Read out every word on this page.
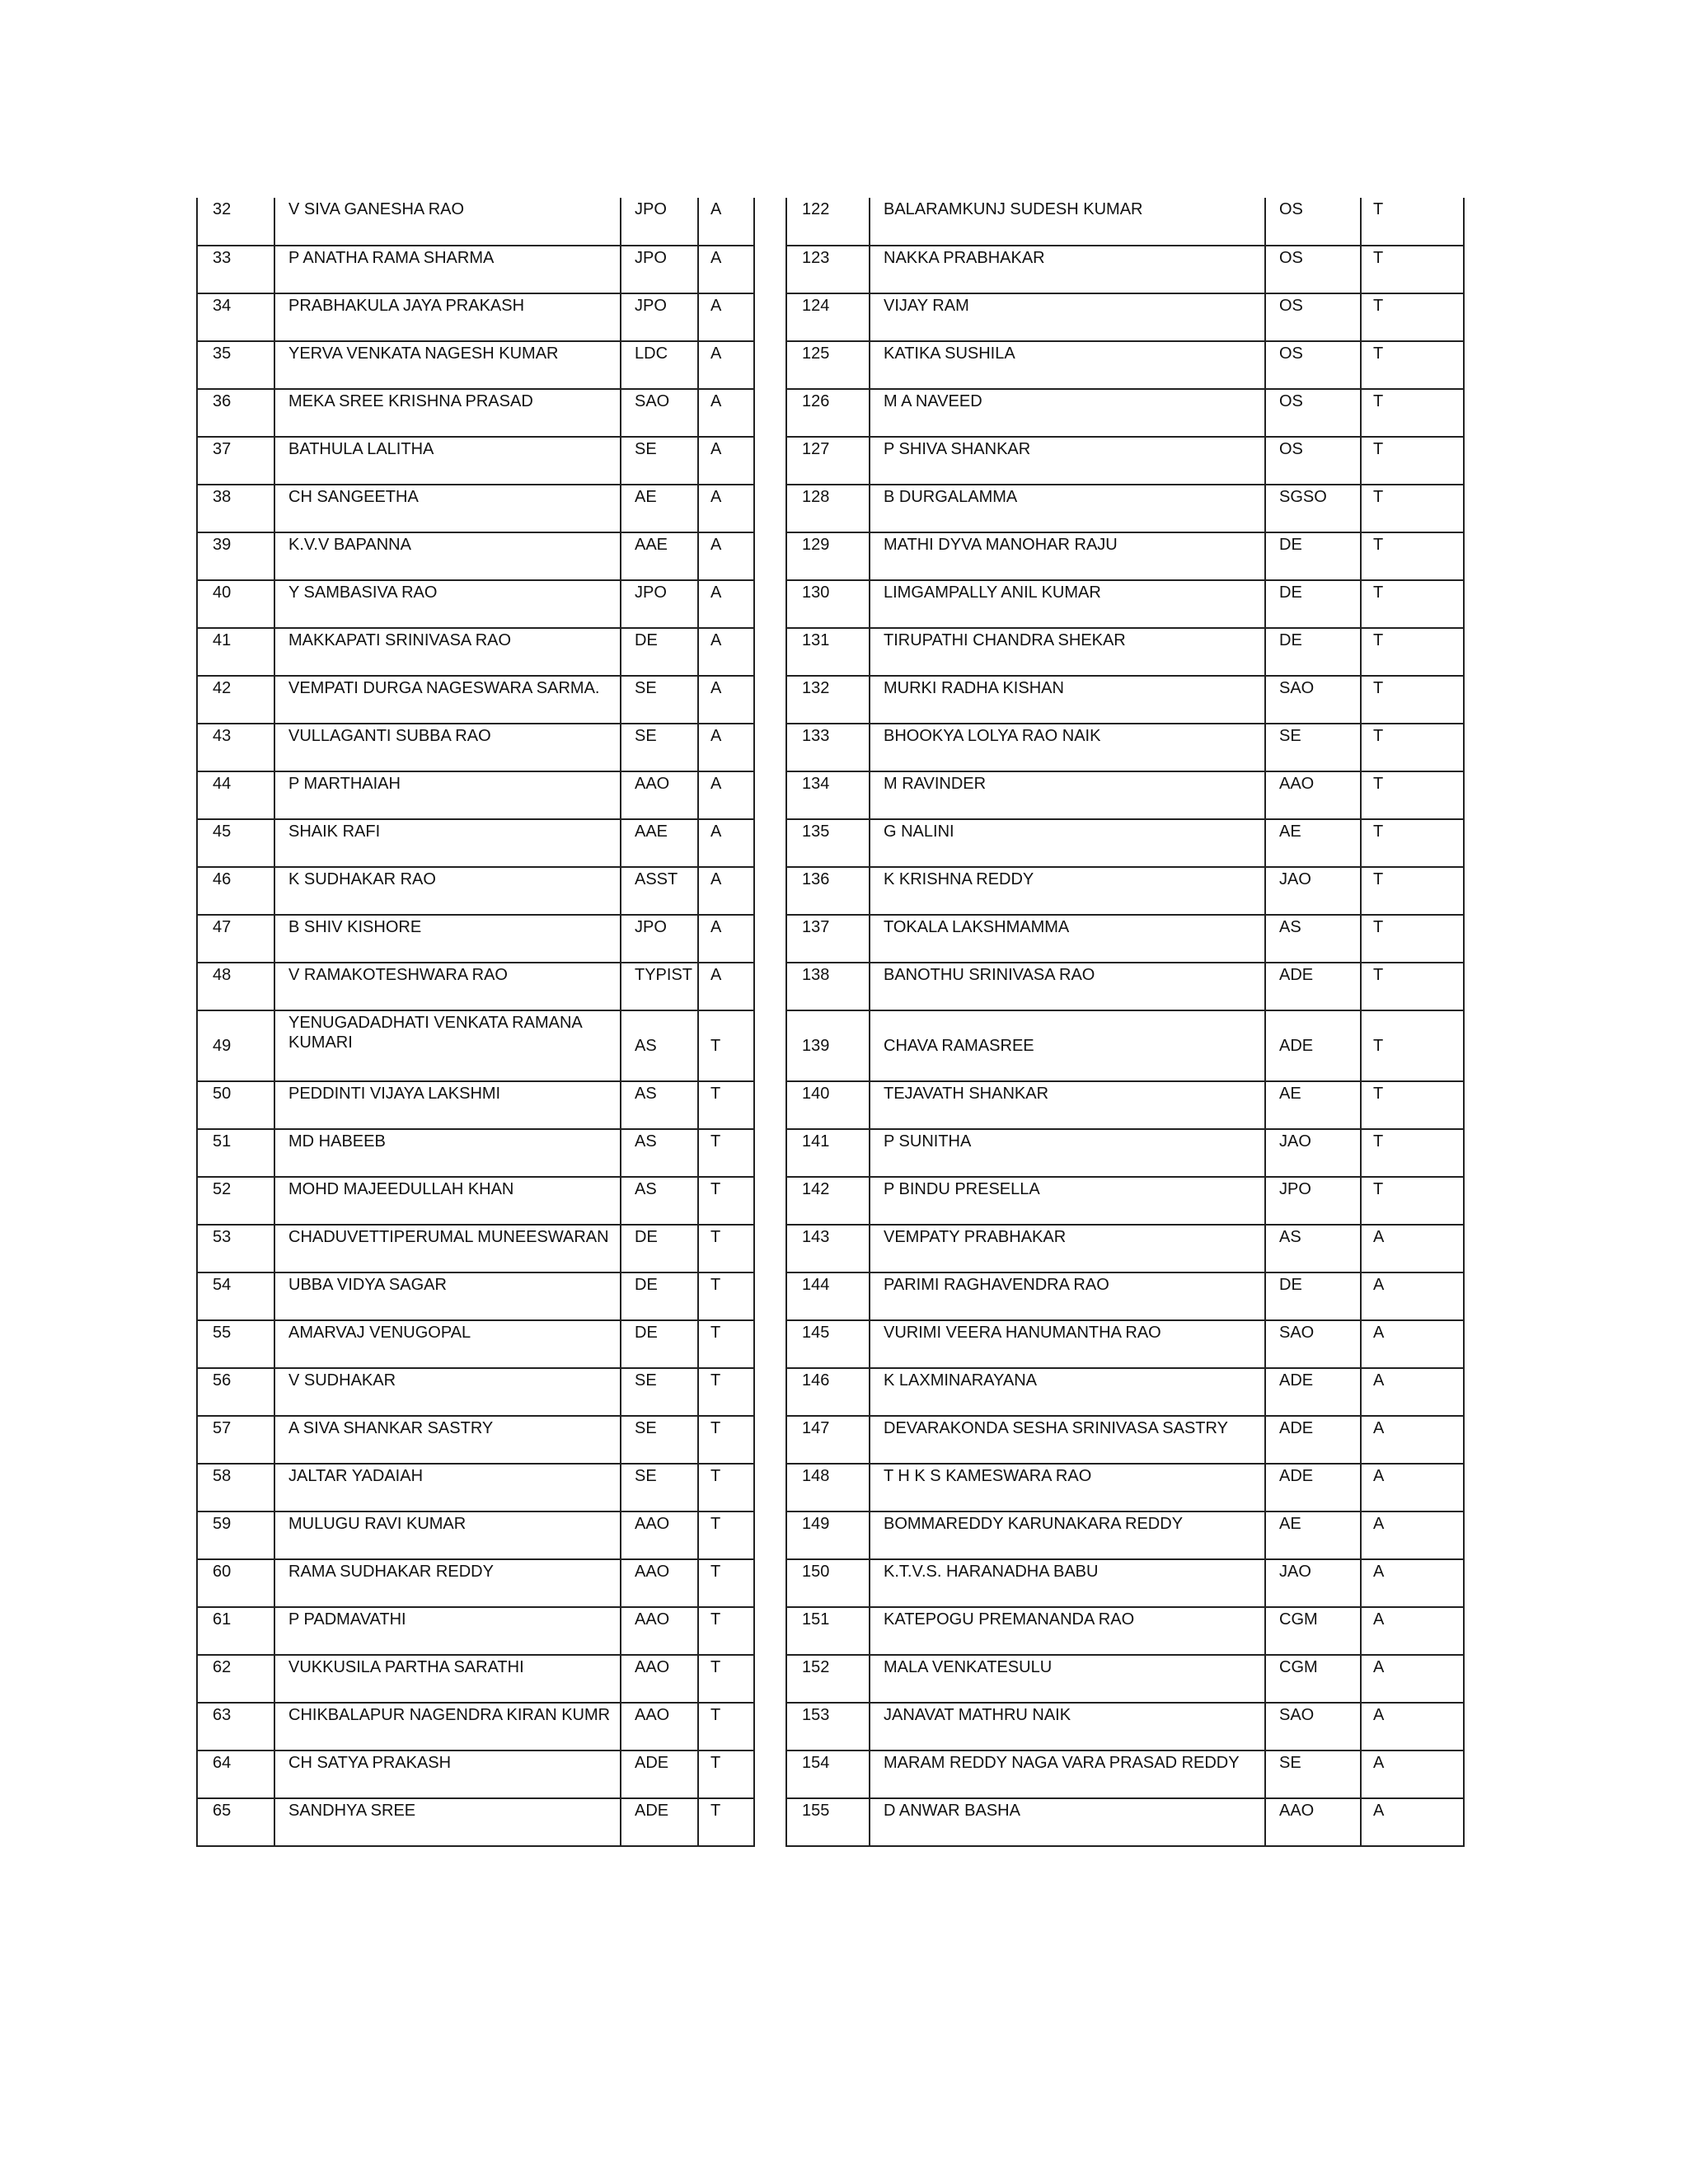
32	V SIVA GANESHA RAO	JPO	A
33	P ANATHA RAMA SHARMA	JPO	A
34	PRABHAKULA JAYA PRAKASH	JPO	A
35	YERVA VENKATA NAGESH KUMAR	LDC	A
36	MEKA SREE KRISHNA PRASAD	SAO	A
37	BATHULA LALITHA	SE	A
38	CH SANGEETHA	AE	A
39	K.V.V BAPANNA	AAE	A
40	Y SAMBASIVA RAO	JPO	A
41	MAKKAPATI SRINIVASA RAO	DE	A
42	VEMPATI DURGA NAGESWARA SARMA.	SE	A
43	VULLAGANTI SUBBA RAO	SE	A
44	P MARTHAIAH	AAO	A
45	SHAIK RAFI	AAE	A
46	K SUDHAKAR RAO	ASST	A
47	B SHIV KISHORE	JPO	A
48	V RAMAKOTESHWARA RAO	TYPIST	A
49	YENUGADADHATI VENKATA RAMANA KUMARI	AS	T
50	PEDDINTI VIJAYA LAKSHMI	AS	T
51	MD HABEEB	AS	T
52	MOHD MAJEEDULLAH KHAN	AS	T
53	CHADUVETTIPERUMAL MUNEESWARAN	DE	T
54	UBBA VIDYA SAGAR	DE	T
55	AMARVAJ VENUGOPAL	DE	T
56	V SUDHAKAR	SE	T
57	A SIVA SHANKAR SASTRY	SE	T
58	JALTAR YADAIAH	SE	T
59	MULUGU RAVI KUMAR	AAO	T
60	RAMA SUDHAKAR REDDY	AAO	T
61	P PADMAVATHI	AAO	T
62	VUKKUSILA PARTHA SARATHI	AAO	T
63	CHIKBALAPUR NAGENDRA KIRAN KUMR	AAO	T
64	CH SATYA PRAKASH	ADE	T
65	SANDHYA SREE	ADE	T
122	BALARAMKUNJ SUDESH KUMAR	OS	T
123	NAKKA PRABHAKAR	OS	T
124	VIJAY RAM	OS	T
125	KATIKA SUSHILA	OS	T
126	M A NAVEED	OS	T
127	P SHIVA SHANKAR	OS	T
128	B DURGALAMMA	SGSO	T
129	MATHI DYVA MANOHAR RAJU	DE	T
130	LIMGAMPALLY ANIL KUMAR	DE	T
131	TIRUPATHI CHANDRA SHEKAR	DE	T
132	MURKI RADHA KISHAN	SAO	T
133	BHOOKYA LOLYA RAO NAIK	SE	T
134	M RAVINDER	AAO	T
135	G NALINI	AE	T
136	K KRISHNA REDDY	JAO	T
137	TOKALA LAKSHMAMMA	AS	T
138	BANOTHU SRINIVASA RAO	ADE	T
139	CHAVA RAMASREE	ADE	T
140	TEJAVATH SHANKAR	AE	T
141	P SUNITHA	JAO	T
142	P BINDU PRESELLA	JPO	T
143	VEMPATY PRABHAKAR	AS	A
144	PARIMI RAGHAVENDRA RAO	DE	A
145	VURIMI VEERA HANUMANTHA RAO	SAO	A
146	K LAXMINARAYANA	ADE	A
147	DEVARAKONDA SESHA SRINIVASA SASTRY	ADE	A
148	T H K S KAMESWARA RAO	ADE	A
149	BOMMAREDDY KARUNAKARA REDDY	AE	A
150	K.T.V.S. HARANADHA BABU	JAO	A
151	KATEPOGU PREMANANDA RAO	CGM	A
152	MALA VENKATESULU	CGM	A
153	JANAVAT MATHRU NAIK	SAO	A
154	MARAM REDDY NAGA VARA PRASAD REDDY	SE	A
155	D ANWAR BASHA	AAO	A
